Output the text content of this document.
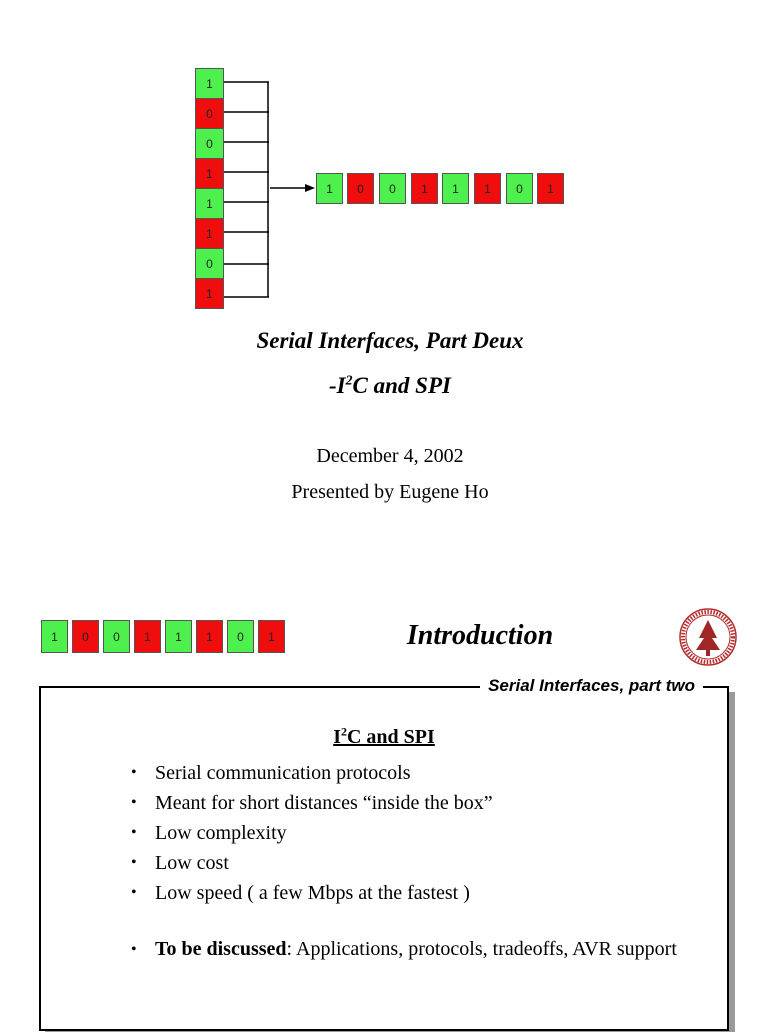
1
0
0
1
1
1
0
1
1	0	0	1	1	1	0	1
Serial Interfaces, Part Deux
$-I^2C$ and SPI
December 4, 2002
Presented by Eugene Ho
1	0	0	1	1	1	0	1	Introduction
Serial Interfaces, part two
$I^2C$ and SPI
• Serial communication protocols
• Meant for short distances “inside the box”
• Low complexity
• Low cost
• Low speed ( a few Mbps at the fastest )
• To be discussed: Applications, protocols, tradeoffs, AVR support
